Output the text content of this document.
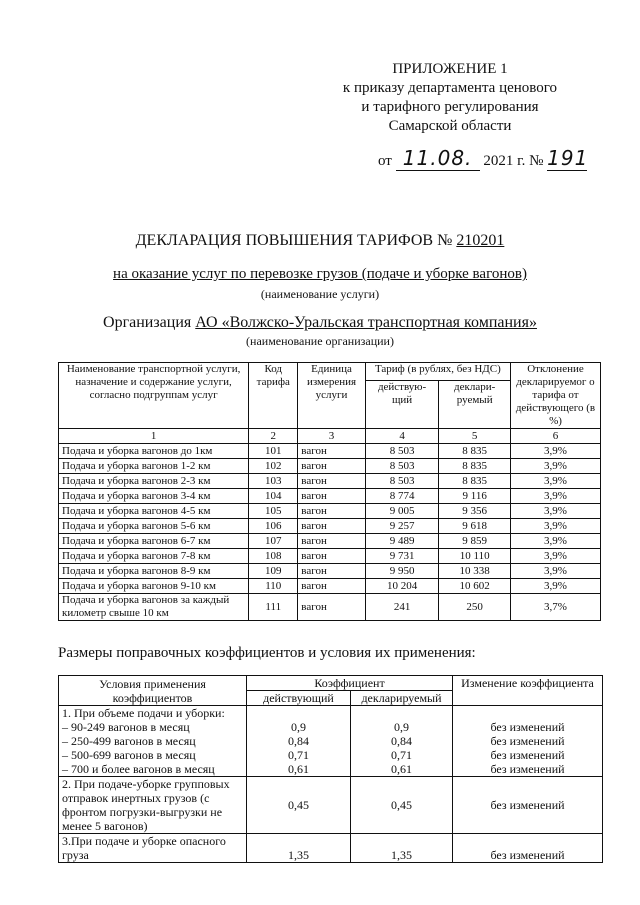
ПРИЛОЖЕНИЕ 1
к приказу департамента ценового
и тарифного регулирования
Самарской области
от 11.08. 2021 г. № 191
ДЕКЛАРАЦИЯ ПОВЫШЕНИЯ ТАРИФОВ № 210201
на оказание услуг по перевозке грузов (подаче и уборке вагонов)
(наименование услуги)
Организация АО «Волжско-Уральская транспортная компания»
(наименование организации)
Наименование транспортной услуги, назначение и содержание услуги, согласно подгруппам услуг	Код тарифа	Единица измерения услуги	Тариф (в рублях, без НДС)		Отклонение декларируемог о тарифа от действующего (в %)
			действую-щий	деклари-руемый	
1	2	3	4	5	6
Подача и уборка вагонов до 1км	101	вагон	8 503	8 835	3,9%
Подача и уборка вагонов 1-2 км	102	вагон	8 503	8 835	3,9%
Подача и уборка вагонов 2-3 км	103	вагон	8 503	8 835	3,9%
Подача и уборка вагонов 3-4 км	104	вагон	8 774	9 116	3,9%
Подача и уборка вагонов 4-5 км	105	вагон	9 005	9 356	3,9%
Подача и уборка вагонов 5-6 км	106	вагон	9 257	9 618	3,9%
Подача и уборка вагонов 6-7 км	107	вагон	9 489	9 859	3,9%
Подача и уборка вагонов 7-8 км	108	вагон	9 731	10 110	3,9%
Подача и уборка вагонов 8-9 км	109	вагон	9 950	10 338	3,9%
Подача и уборка вагонов 9-10 км	110	вагон	10 204	10 602	3,9%
Подача и уборка вагонов за каждый километр свыше 10 км	111	вагон	241	250	3,7%
Размеры поправочных коэффициентов и условия их применения:
Условия применения коэффициентов	Коэффициент		Изменение коэффициента
	действующий	декларируемый	
1. При объеме подачи и уборки:			
– 90-249 вагонов в месяц	0,9	0,9	без изменений
– 250-499 вагонов в месяц	0,84	0,84	без изменений
– 500-699 вагонов в месяц	0,71	0,71	без изменений
– 700 и более вагонов в месяц	0,61	0,61	без изменений
2. При подаче-уборке групповых отправок инертных грузов (с фронтом погрузки-выгрузки не менее 5 вагонов)	0,45	0,45	без изменений
3.При подаче и уборке опасного груза	1,35	1,35	без изменений
